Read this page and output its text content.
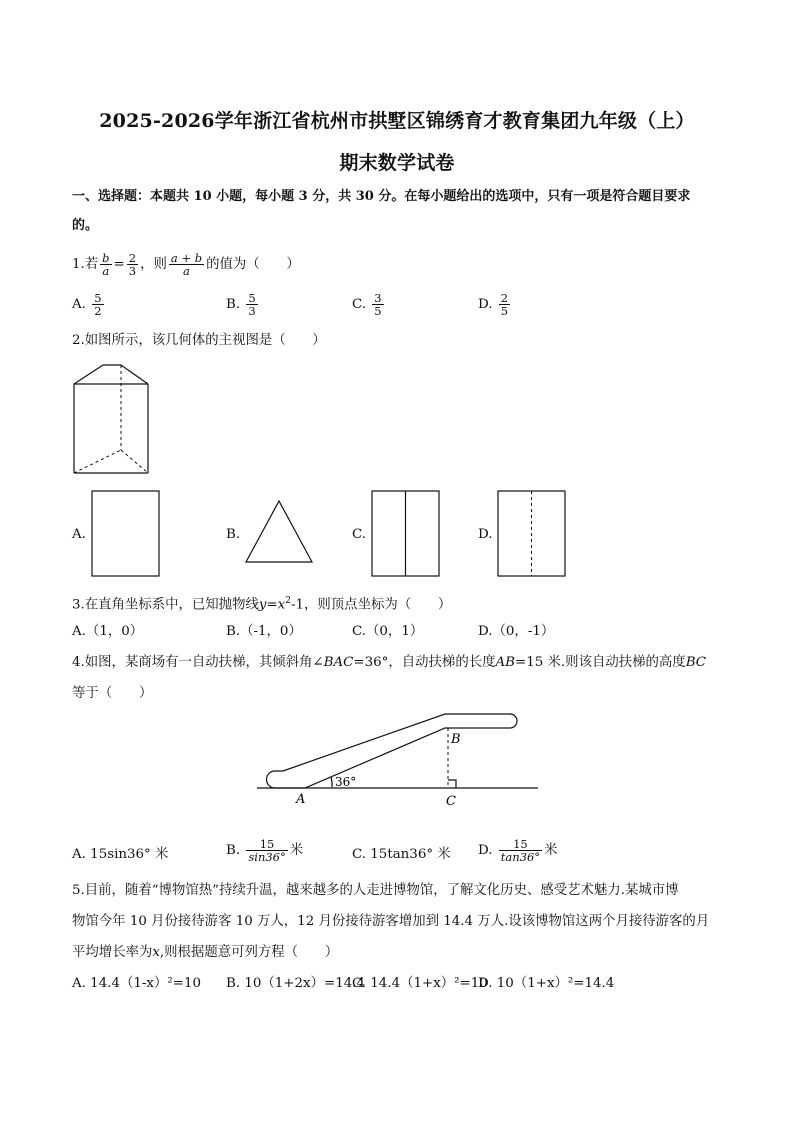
2025-2026学年浙江省杭州市拱墅区锦绣育才教育集团九年级（上）
期末数学试卷
一、选择题：本题共 10 小题，每小题 3 分，共 30 分。在每小题给出的选项中，只有一项是符合题目要求
的。
1.若 $\frac{b}{a} = \frac{2}{3}$ ，则 $\frac{a + b}{a}$ 的值为（　　）
A. $\frac{5}{2}$	B. $\frac{5}{3}$	C. $\frac{3}{5}$	D. $\frac{2}{5}$
2.如图所示，该几何体的主视图是（　　）
A.	B.	C.	D.
3.在直角坐标系中，已知抛物线$y=x^2-1$，则顶点坐标为（　　）
A.（1，0）	B.（-1，0）	C.（0，1）	D.（0，-1）
4.如图，某商场有一自动扶梯，其倾斜角∠BAC=36°，自动扶梯的长度AB=15 米.则该自动扶梯的高度BC
等于（　　）
36°
A
B
C
A. 15sin36° 米	B. $\frac{15}{\sin 36^\circ}$ 米	C. 15tan36° 米 D. $\frac{15}{\tan 36^\circ}$ 米
5.目前，随着“博物馆热”持续升温，越来越多的人走进博物馆，了解文化历史、感受艺术魅力.某城市博
物馆今年 10 月份接待游客 10 万人，12 月份接待游客增加到 14.4 万人.设该博物馆这两个月接待游客的月
平均增长率为x,则根据题意可列方程（　　）
A. 14.4（1-x）²=10 B. 10（1+2x）=14.4
C. 14.4（1+x）²=10
D. 10（1+x）²=14.4
